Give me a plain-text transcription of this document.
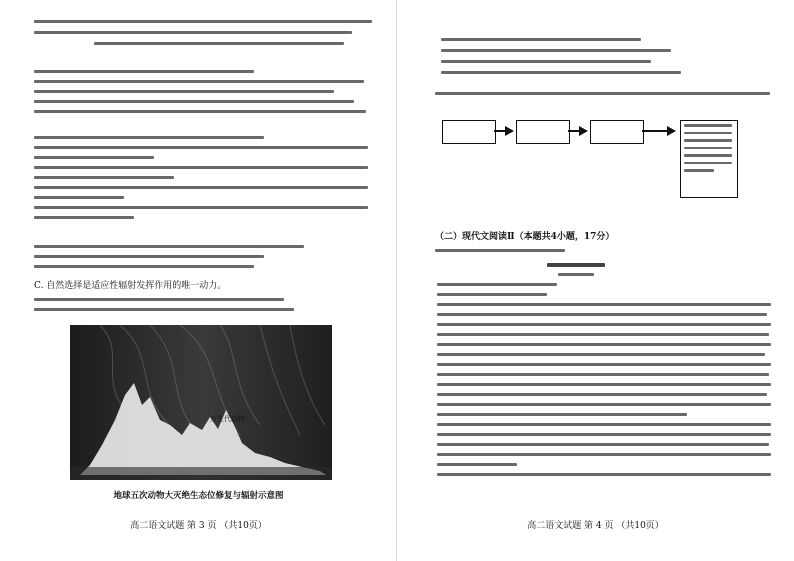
C. 自然选择是适应性辐射发挥作用的唯一动力。
万生代动物
地球五次动物大灭绝生态位修复与辐射示意图
高二语文试题 第 3 页 （共10页）
（二）现代文阅读Ⅱ（本题共4小题，17分）
高二语文试题 第 4 页 （共10页）
